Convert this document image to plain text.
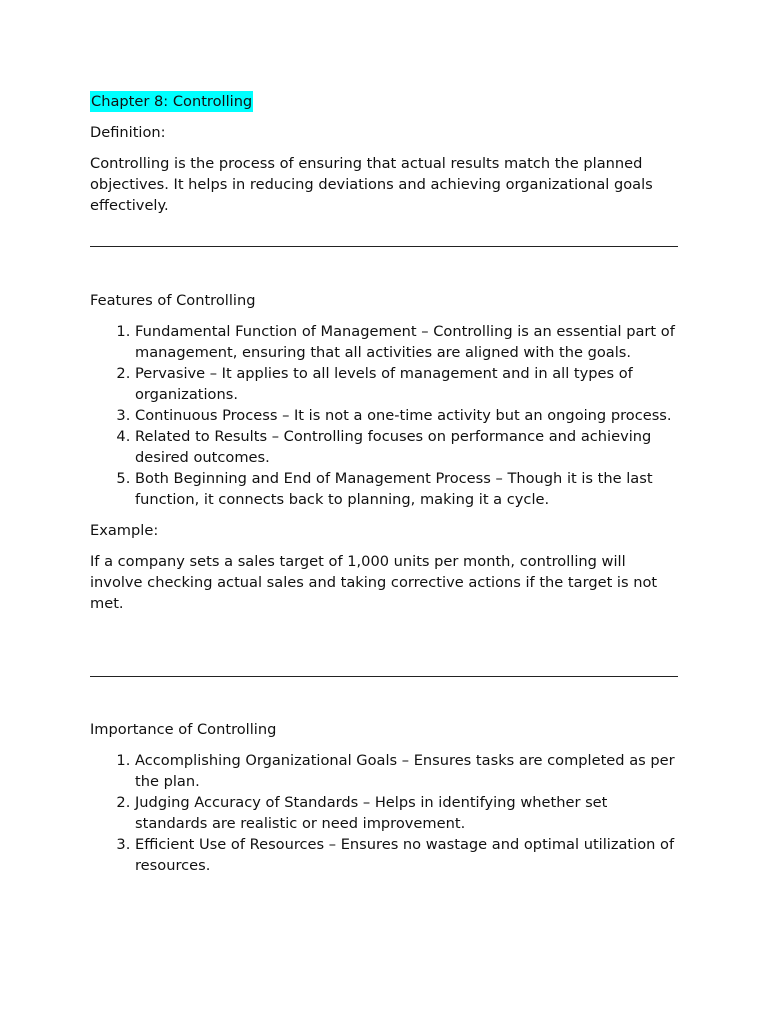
Chapter 8: Controlling

Definition:

Controlling is the process of ensuring that actual results match the planned objectives. It helps in reducing deviations and achieving organizational goals effectively.

Features of Controlling

1. Fundamental Function of Management – Controlling is an essential part of management, ensuring that all activities are aligned with the goals.
2. Pervasive – It applies to all levels of management and in all types of organizations.
3. Continuous Process – It is not a one-time activity but an ongoing process.
4. Related to Results – Controlling focuses on performance and achieving desired outcomes.
5. Both Beginning and End of Management Process – Though it is the last function, it connects back to planning, making it a cycle.

Example:

If a company sets a sales target of 1,000 units per month, controlling will involve checking actual sales and taking corrective actions if the target is not met.

Importance of Controlling

1. Accomplishing Organizational Goals – Ensures tasks are completed as per the plan.
2. Judging Accuracy of Standards – Helps in identifying whether set standards are realistic or need improvement.
3. Efficient Use of Resources – Ensures no wastage and optimal utilization of resources.
